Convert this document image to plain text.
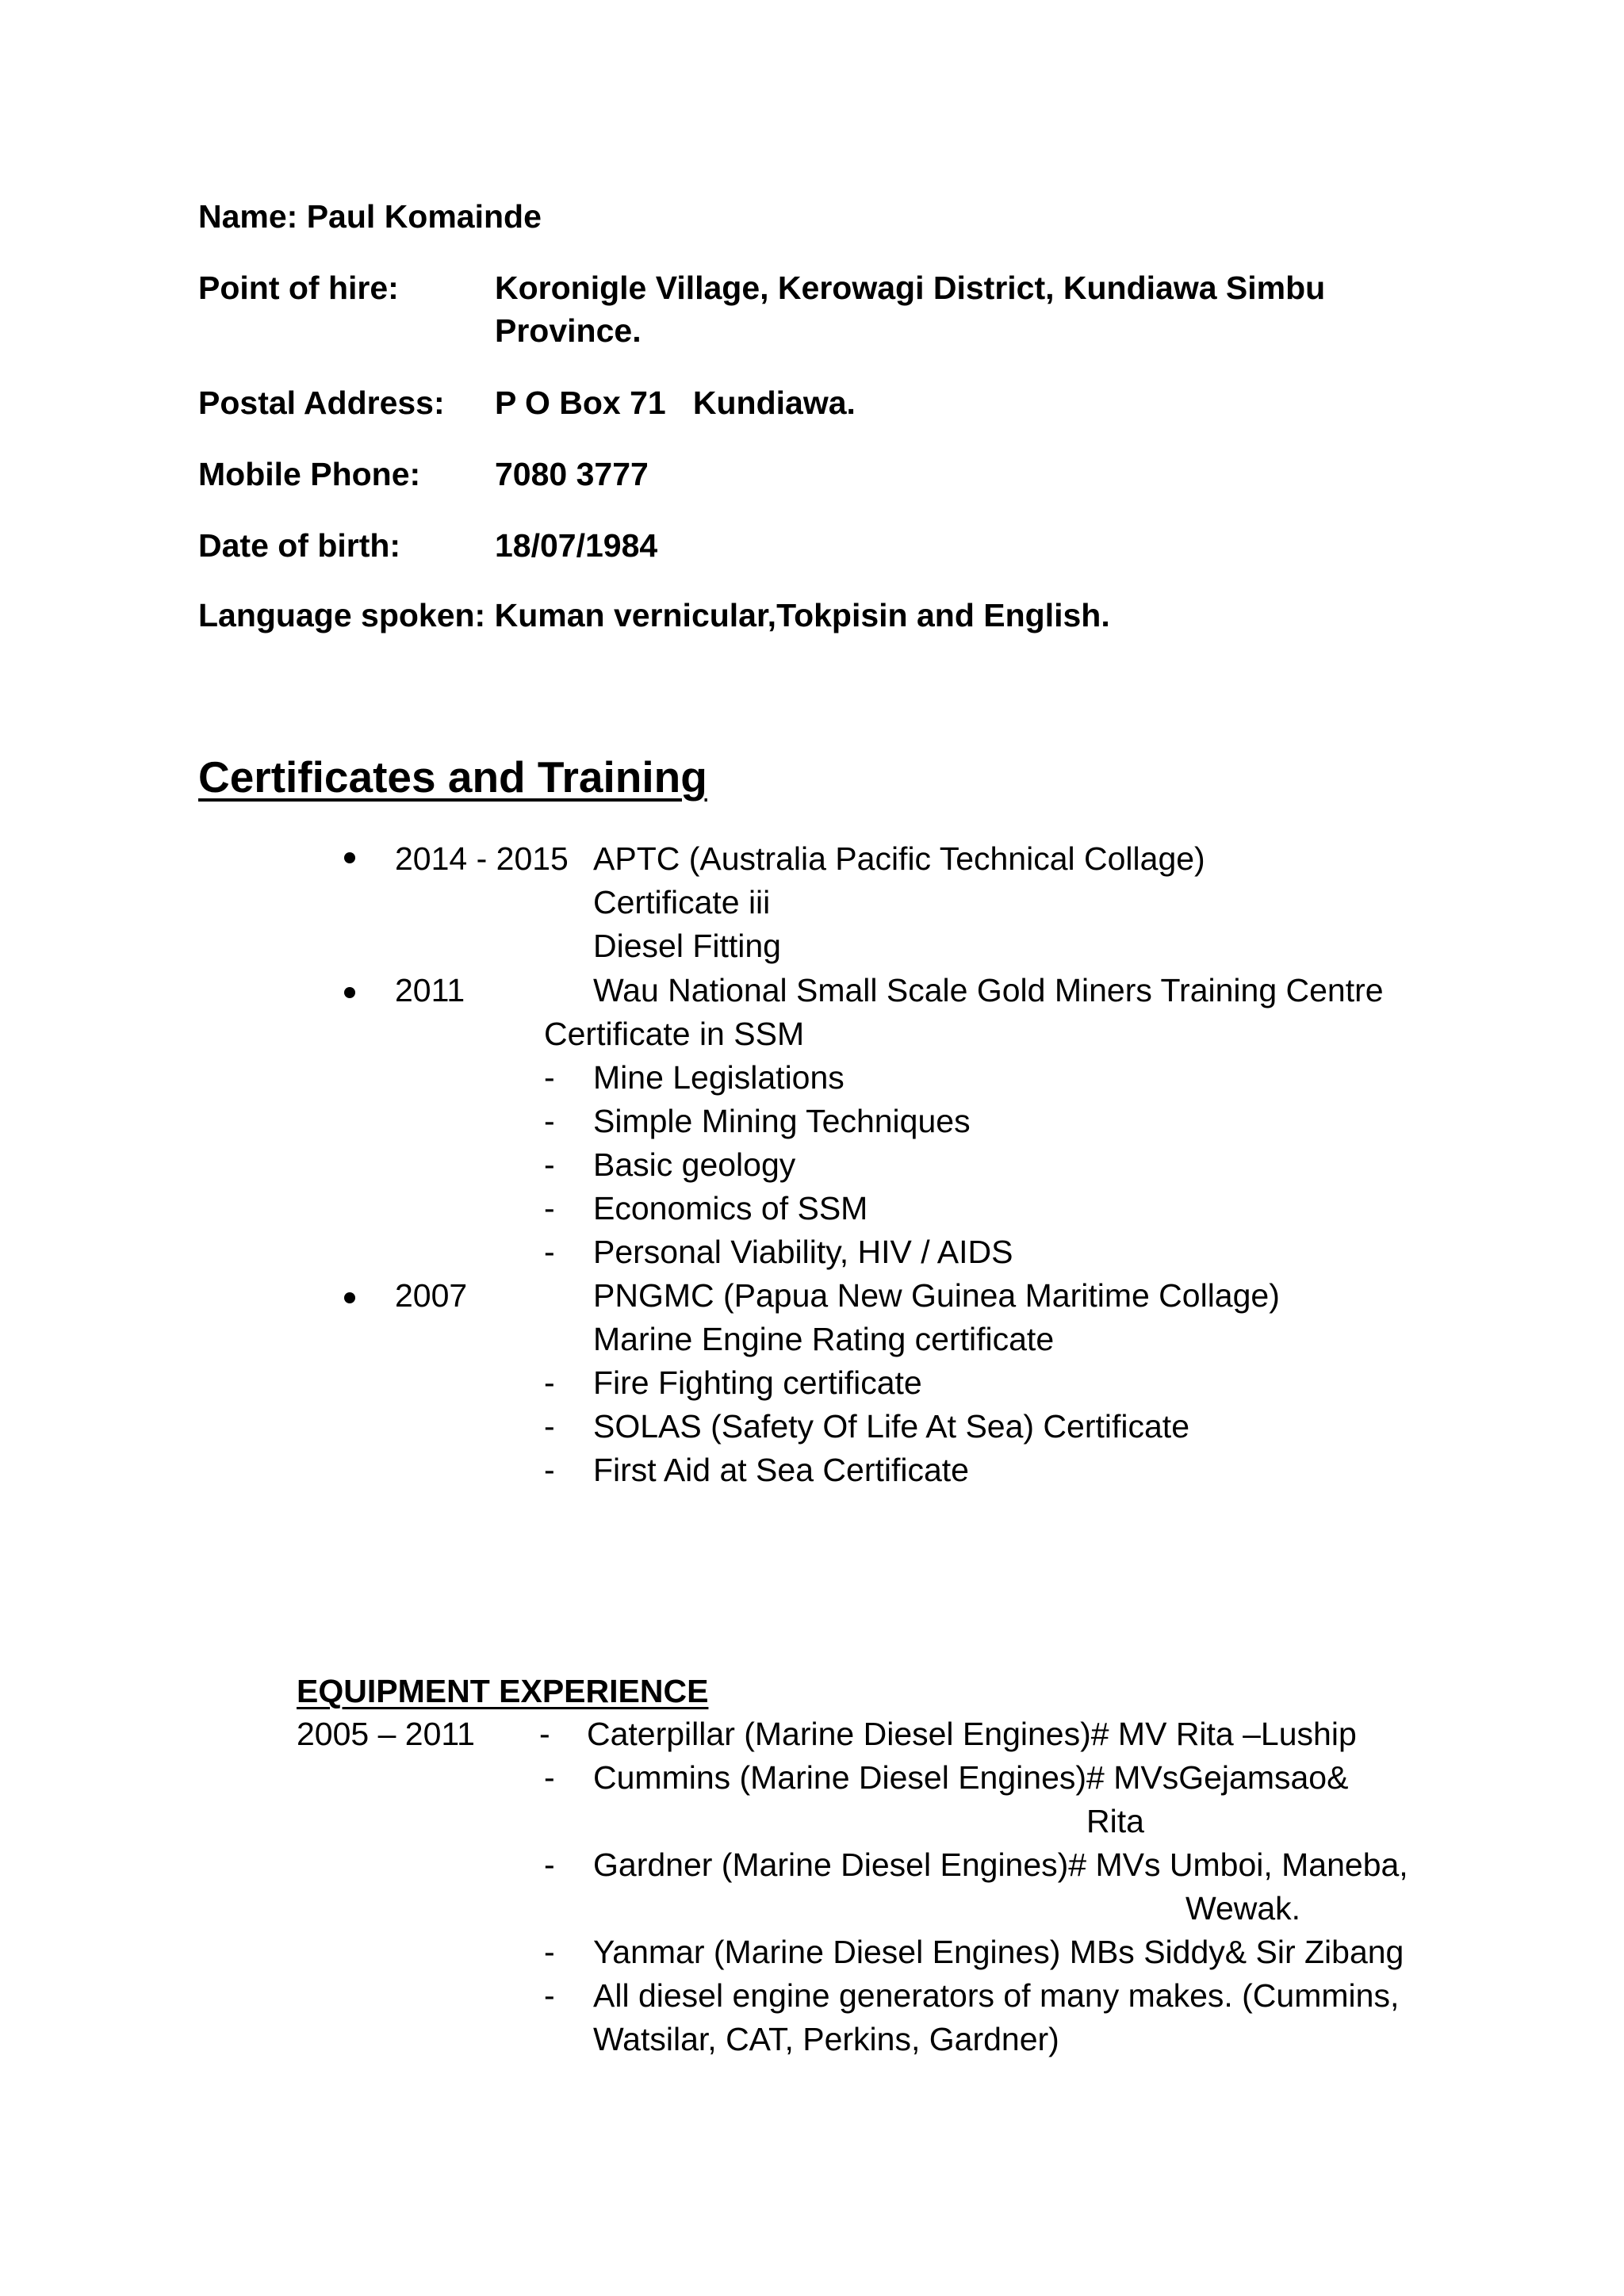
Name: Paul Komainde
Point of hire:	Koronigle Village, Kerowagi District, Kundiawa Simbu
Province.
Postal Address: P O Box 71   Kundiawa.
Mobile Phone: 7080 3777
Date of birth:	18/07/1984
Language spoken: Kuman vernicular,Tokpisin and English.
Certificates and Training
2014 - 2015 APTC (Australia Pacific Technical Collage)
Certificate iii
Diesel Fitting
2011	Wau National Small Scale Gold Miners Training Centre
Certificate in SSM
- Mine Legislations
- Simple Mining Techniques
- Basic geology
- Economics of SSM
- Personal Viability, HIV / AIDS
2007	PNGMC (Papua New Guinea Maritime Collage)
Marine Engine Rating certificate
- Fire Fighting certificate
- SOLAS (Safety Of Life At Sea) Certificate
- First Aid at Sea Certificate
EQUIPMENT EXPERIENCE
2005 – 2011 - Caterpillar (Marine Diesel Engines)# MV Rita –Luship
- Cummins (Marine Diesel Engines)# MVsGejamsao&
Rita
- Gardner (Marine Diesel Engines)# MVs Umboi, Maneba,
Wewak.
- Yanmar (Marine Diesel Engines) MBs Siddy& Sir Zibang
- All diesel engine generators of many makes. (Cummins,
Watsilar, CAT, Perkins, Gardner)
